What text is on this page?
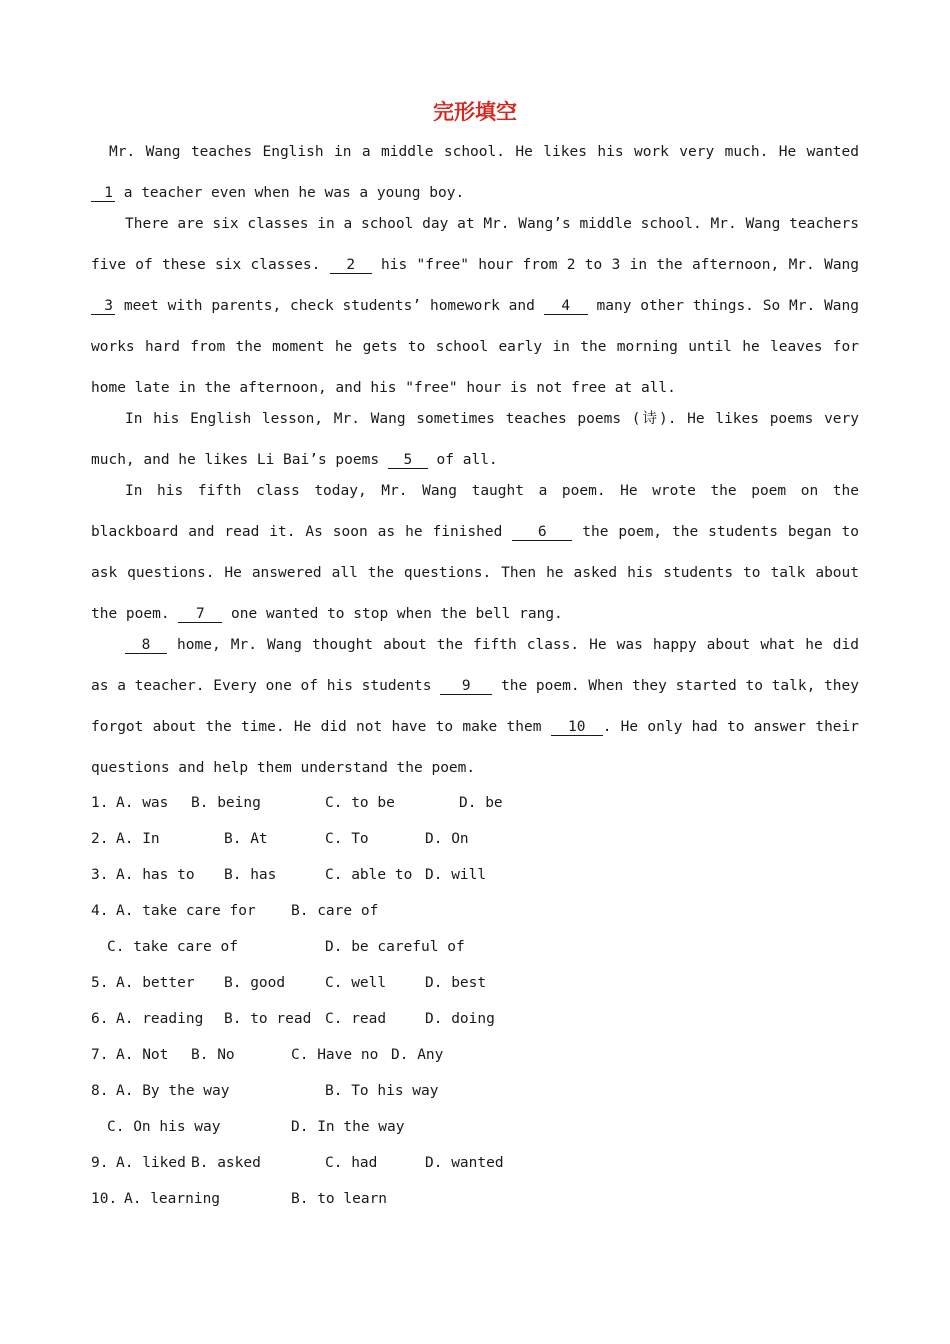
完形填空

Mr. Wang teaches English in a middle school. He likes his work very much. He wanted 1 a teacher even when he was a young boy.

There are six classes in a school day at Mr. Wang’s middle school. Mr. Wang teachers five of these six classes. 2 his "free" hour from 2 to 3 in the afternoon, Mr. Wang 3 meet with parents, check students’ homework and 4 many other things. So Mr. Wang works hard from the moment he gets to school early in the morning until he leaves for home late in the afternoon, and his "free" hour is not free at all.

In his English lesson, Mr. Wang sometimes teaches poems (诗). He likes poems very much, and he likes Li Bai’s poems 5 of all.

In his fifth class today, Mr. Wang taught a poem. He wrote the poem on the blackboard and read it. As soon as he finished 6 the poem, the students began to ask questions. He answered all the questions. Then he asked his students to talk about the poem. 7 one wanted to stop when the bell rang.

8 home, Mr. Wang thought about the fifth class. He was happy about what he did as a teacher. Every one of his students 9 the poem. When they started to talk, they forgot about the time. He did not have to make them 10 . He only had to answer their questions and help them understand the poem.

1. A. was B. being	C. to be	D. be
2. A. In	B. At	C. To	D. On
3. A. has to B. has	C. able to D. will
4. A. take care for B. care of
C. take care of	D. be careful of
5. A. better B. good	C. well	D. best
6. A. reading B. to read C. read	D. doing
7. A. Not B. No	C. Have no D. Any
8. A. By the way	B. To his way
C. On his way	D. In the way
9. A. liked B. asked	C. had	D. wanted
10. A. learning	B. to learn
